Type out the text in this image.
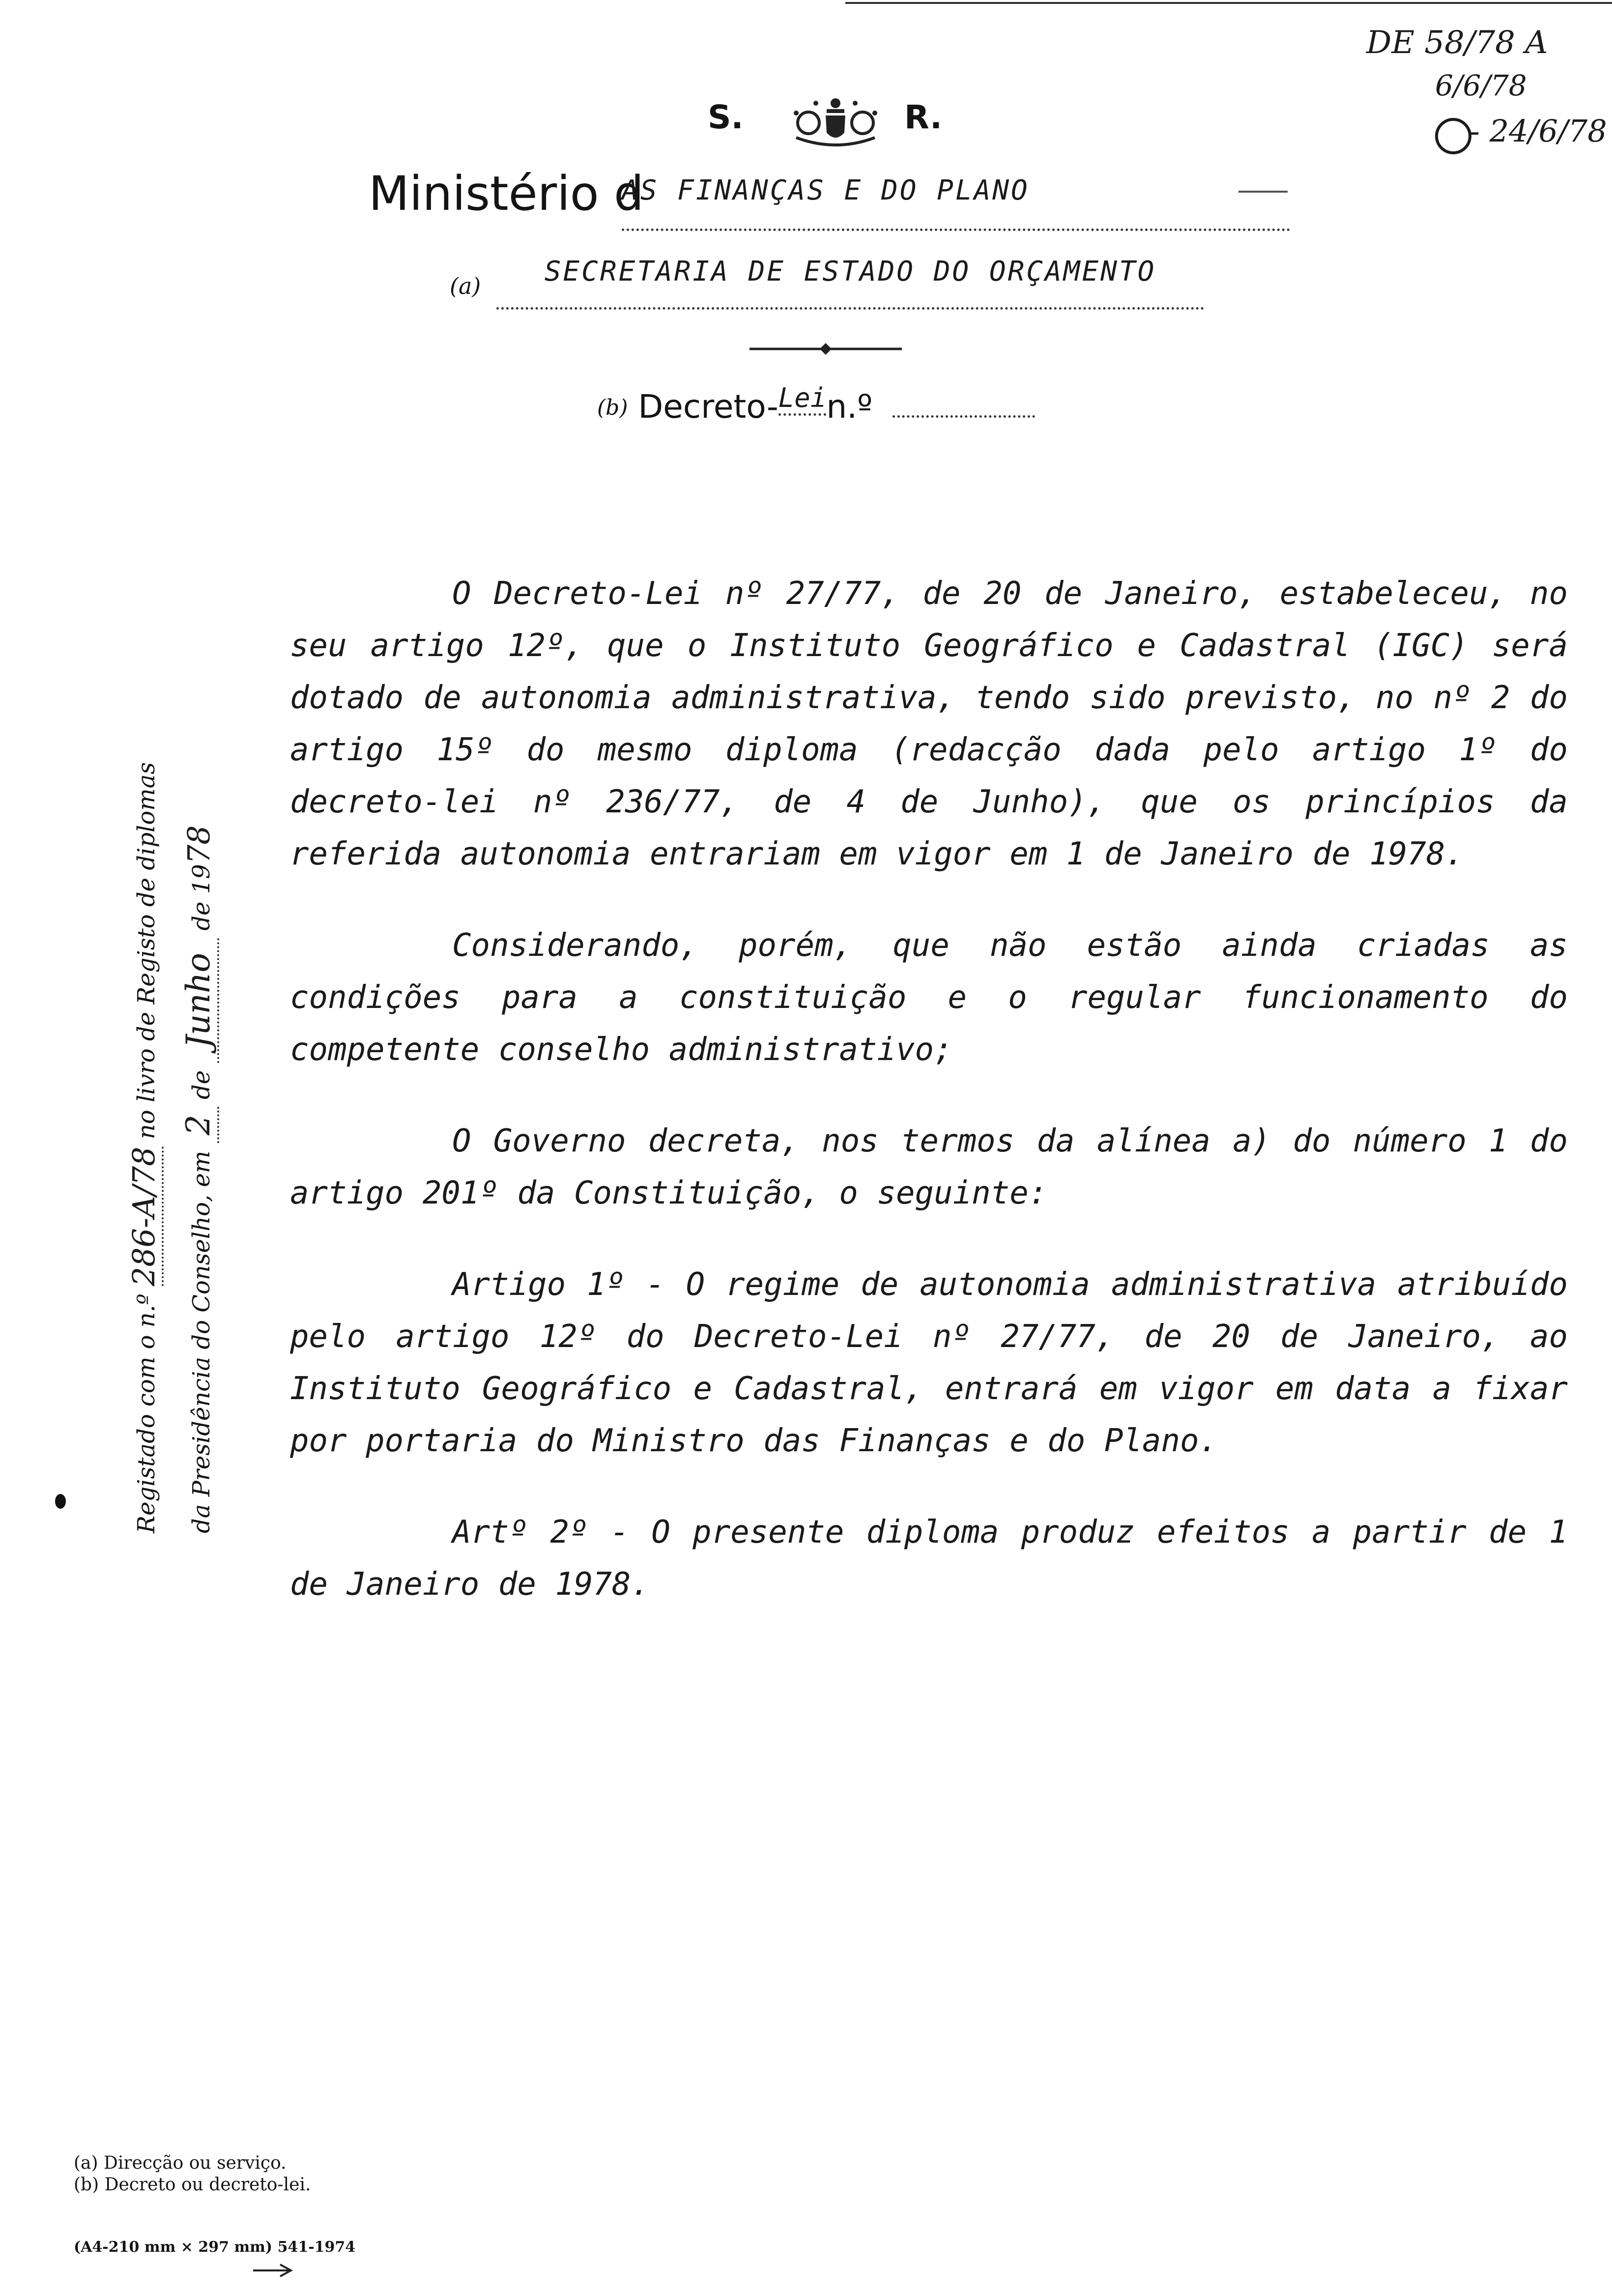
DE 58/78 A
6/6/78
- 24/6/78
S.	R.
Ministério d
AS FINANÇAS E DO PLANO
(a)	SECRETARIA DE ESTADO DO ORÇAMENTO
(b) Decreto-$^{Lei}$n.º
Registado com o n.º 286-A/78 no livro de Registo de diplomas
da Presidência do Conselho, em 2 de Junho de 1978

O Decreto-Lei nº 27/77, de 20 de Janeiro, estabeleceu, no seu artigo 12º, que o Instituto Geográfico e Cadastral (IGC) será dotado de autonomia administrativa, tendo sido previsto, no nº 2 do artigo 15º do mesmo diploma (redacção dada pelo artigo 1º do decreto-lei nº 236/77, de 4 de Junho), que os princípios da referida autonomia entrariam em vigor em 1 de Janeiro de 1978.

Considerando, porém, que não estão ainda criadas as condições para a constituição e o regular funcionamento do competente conselho administrativo;

O Governo decreta, nos termos da alínea a) do número 1 do artigo 201º da Constituição, o seguinte:

Artigo 1º - O regime de autonomia administrativa atribuído pelo artigo 12º do Decreto-Lei nº 27/77, de 20 de Janeiro, ao Instituto Geográfico e Cadastral, entrará em vigor em data a fixar por portaria do Ministro das Finanças e do Plano.

Artº 2º - O presente diploma produz efeitos a partir de 1 de Janeiro de 1978.

(a) Direcção ou serviço.
(b) Decreto ou decreto-lei.
(A4-210 mm × 297 mm) 541-1974
